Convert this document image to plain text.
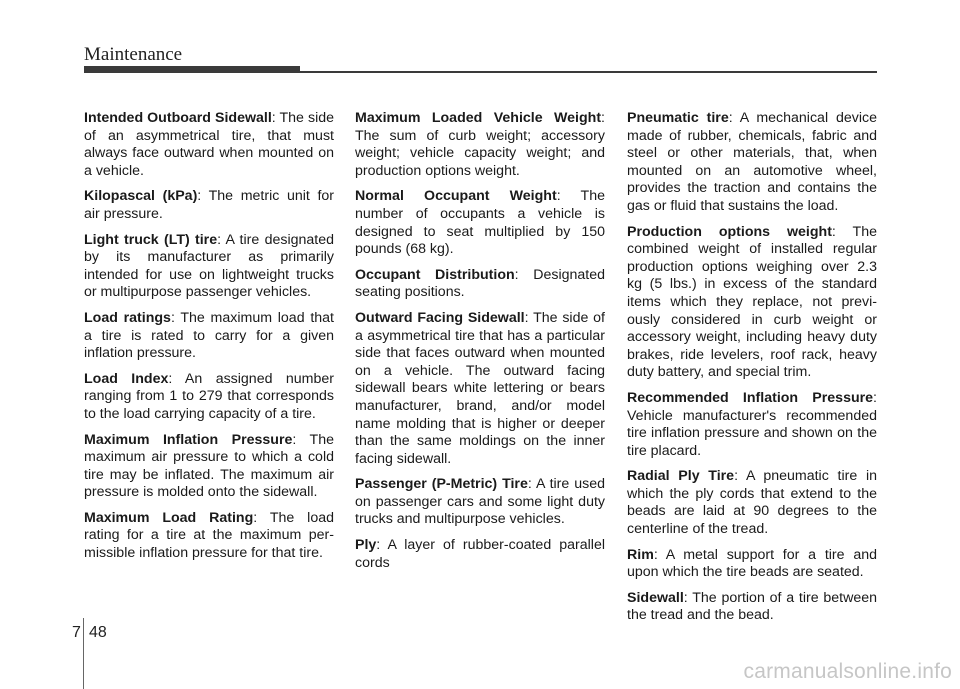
Maintenance

Intended Outboard Sidewall: The side of an asymmetrical tire, that must always face outward when mounted on a vehicle.

Kilopascal (kPa): The metric unit for air pressure.

Light truck (LT) tire: A tire designated by its manufacturer as primarily intended for use on lightweight trucks or multipurpose passenger vehicles.

Load ratings: The maximum load that a tire is rated to carry for a given inflation pressure.

Load Index: An assigned number ranging from 1 to 279 that corresponds to the load carrying capacity of a tire.

Maximum Inflation Pressure: The maximum air pressure to which a cold tire may be inflated. The maximum air pressure is molded onto the sidewall.

Maximum Load Rating: The load rating for a tire at the maximum permissible inflation pressure for that tire.

Maximum Loaded Vehicle Weight: The sum of curb weight; accessory weight; vehicle capacity weight; and production options weight.

Normal Occupant Weight: The number of occupants a vehicle is designed to seat multiplied by 150 pounds (68 kg).

Occupant Distribution: Designated seating positions.

Outward Facing Sidewall: The side of a asymmetrical tire that has a particular side that faces outward when mounted on a vehicle. The outward facing sidewall bears white lettering or bears manufacturer, brand, and/or model name molding that is higher or deeper than the same moldings on the inner facing sidewall.

Passenger (P-Metric) Tire: A tire used on passenger cars and some light duty trucks and multipurpose vehicles.

Ply: A layer of rubber-coated parallel cords

Pneumatic tire: A mechanical device made of rubber, chemicals, fabric and steel or other materials, that, when mounted on an automotive wheel, provides the traction and contains the gas or fluid that sustains the load.

Production options weight: The combined weight of installed regular production options weighing over 2.3 kg (5 lbs.) in excess of the standard items which they replace, not previously considered in curb weight or accessory weight, including heavy duty brakes, ride levelers, roof rack, heavy duty battery, and special trim.

Recommended Inflation Pressure: Vehicle manufacturer's recommended tire inflation pressure and shown on the tire placard.

Radial Ply Tire: A pneumatic tire in which the ply cords that extend to the beads are laid at 90 degrees to the centerline of the tread.

Rim: A metal support for a tire and upon which the tire beads are seated.

Sidewall: The portion of a tire between the tread and the bead.

7 48
carmanualsonline.info
